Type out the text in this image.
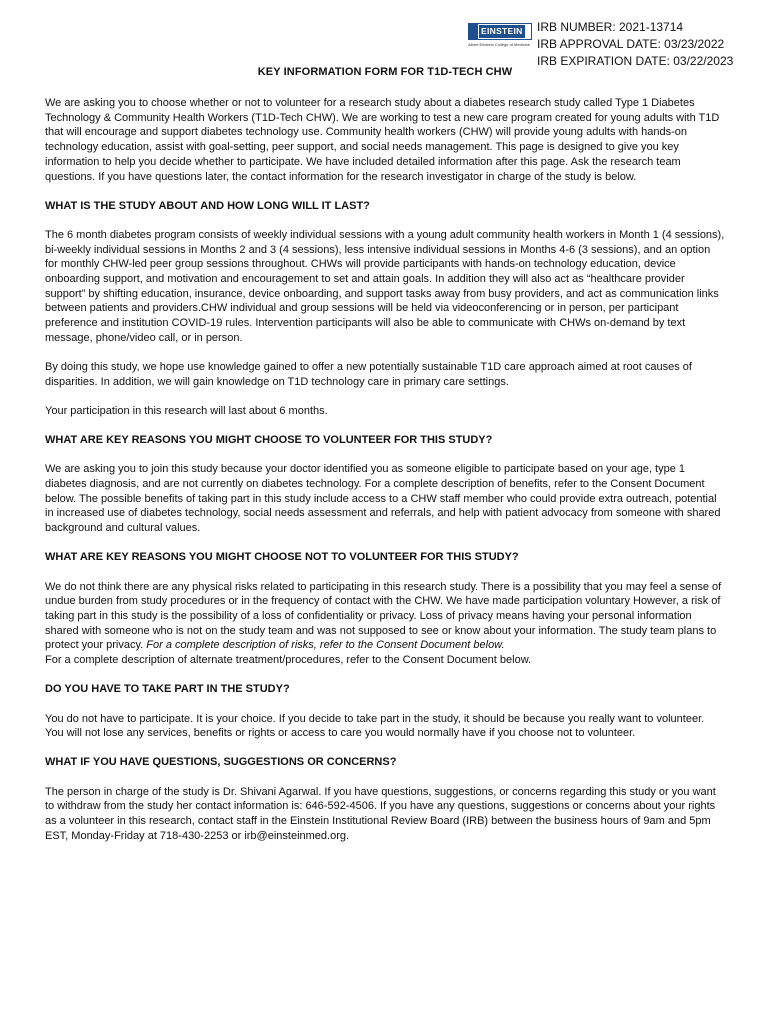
EINSTEIN
Albert Einstein College of Medicine
IRB NUMBER: 2021-13714
IRB APPROVAL DATE: 03/23/2022
IRB EXPIRATION DATE: 03/22/2023
KEY INFORMATION FORM FOR T1D-TECH CHW

We are asking you to choose whether or not to volunteer for a research study about a diabetes research study called Type 1 Diabetes Technology & Community Health Workers (T1D-Tech CHW). We are working to test a new care program created for young adults with T1D that will encourage and support diabetes technology use. Community health workers (CHW) will provide young adults with hands-on technology education, assist with goal-setting, peer support, and social needs management. This page is designed to give you key information to help you decide whether to participate. We have included detailed information after this page. Ask the research team questions. If you have questions later, the contact information for the research investigator in charge of the study is below.

WHAT IS THE STUDY ABOUT AND HOW LONG WILL IT LAST?

The 6 month diabetes program consists of weekly individual sessions with a young adult community health workers in Month 1 (4 sessions), bi-weekly individual sessions in Months 2 and 3 (4 sessions), less intensive individual sessions in Months 4-6 (3 sessions), and an option for monthly CHW-led peer group sessions throughout. CHWs will provide participants with hands-on technology education, device onboarding support, and motivation and encouragement to set and attain goals. In addition they will also act as “healthcare provider support” by shifting education, insurance, device onboarding, and support tasks away from busy providers, and act as communication links between patients and providers.CHW individual and group sessions will be held via videoconferencing or in person, per participant preference and institution COVID-19 rules. Intervention participants will also be able to communicate with CHWs on-demand by text message, phone/video call, or in person.

By doing this study, we hope use knowledge gained to offer a new potentially sustainable T1D care approach aimed at root causes of disparities. In addition, we will gain knowledge on T1D technology care in primary care settings.

Your participation in this research will last about 6 months.

WHAT ARE KEY REASONS YOU MIGHT CHOOSE TO VOLUNTEER FOR THIS STUDY?

We are asking you to join this study because your doctor identified you as someone eligible to participate based on your age, type 1 diabetes diagnosis, and are not currently on diabetes technology. For a complete description of benefits, refer to the Consent Document below. The possible benefits of taking part in this study include access to a CHW staff member who could provide extra outreach, potential in increased use of diabetes technology, social needs assessment and referrals, and help with patient advocacy from someone with shared background and cultural values.

WHAT ARE KEY REASONS YOU MIGHT CHOOSE NOT TO VOLUNTEER FOR THIS STUDY?

We do not think there are any physical risks related to participating in this research study. There is a possibility that you may feel a sense of undue burden from study procedures or in the frequency of contact with the CHW. We have made participation voluntary However, a risk of taking part in this study is the possibility of a loss of confidentiality or privacy. Loss of privacy means having your personal information shared with someone who is not on the study team and was not supposed to see or know about your information. The study team plans to protect your privacy. For a complete description of risks, refer to the Consent Document below.
For a complete description of alternate treatment/procedures, refer to the Consent Document below.

DO YOU HAVE TO TAKE PART IN THE STUDY?

You do not have to participate. It is your choice. If you decide to take part in the study, it should be because you really want to volunteer. You will not lose any services, benefits or rights or access to care you would normally have if you choose not to volunteer.

WHAT IF YOU HAVE QUESTIONS, SUGGESTIONS OR CONCERNS?

The person in charge of the study is Dr. Shivani Agarwal. If you have questions, suggestions, or concerns regarding this study or you want to withdraw from the study her contact information is: 646-592-4506. If you have any questions, suggestions or concerns about your rights as a volunteer in this research, contact staff in the Einstein Institutional Review Board (IRB) between the business hours of 9am and 5pm EST, Monday-Friday at 718-430-2253 or irb@einsteinmed.org.
